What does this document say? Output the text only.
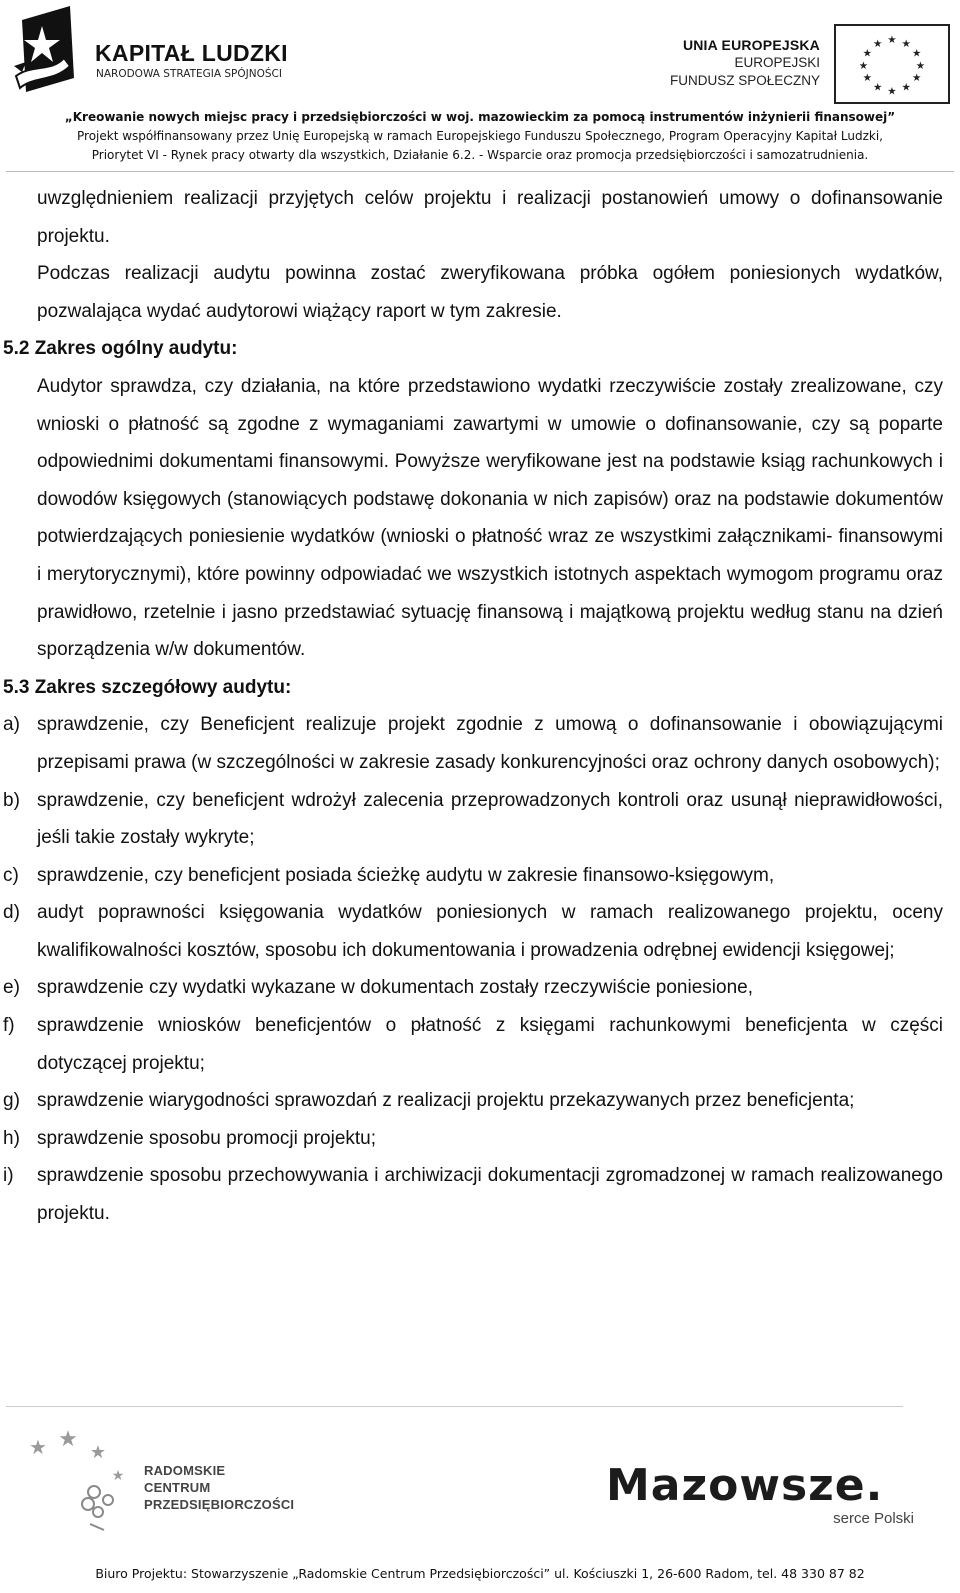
KAPITAŁ LUDZKI
NARODOWA STRATEGIA SPÓJNOŚCI
UNIA EUROPEJSKA
EUROPEJSKI
FUNDUSZ SPOŁECZNY
★ ★
★
★
★
★
★
★
★
★
★
★
„Kreowanie nowych miejsc pracy i przedsiębiorczości w woj. mazowieckim za pomocą instrumentów inżynierii finansowej”
Projekt współfinansowany przez Unię Europejską w ramach Europejskiego Funduszu Społecznego, Program Operacyjny Kapitał Ludzki,
Priorytet VI - Rynek pracy otwarty dla wszystkich, Działanie 6.2. - Wsparcie oraz promocja przedsiębiorczości i samozatrudnienia.
uwzględnieniem realizacji przyjętych celów projektu i realizacji postanowień umowy o dofinansowanie projektu.
Podczas realizacji audytu powinna zostać zweryfikowana próbka ogółem poniesionych wydatków, pozwalająca wydać audytorowi wiążący raport w tym zakresie.
5.2 Zakres ogólny audytu:
Audytor sprawdza, czy działania, na które przedstawiono wydatki rzeczywiście zostały zrealizowane, czy wnioski o płatność są zgodne z wymaganiami zawartymi w umowie o dofinansowanie, czy są poparte odpowiednimi dokumentami finansowymi. Powyższe weryfikowane jest na podstawie ksiąg rachunkowych i dowodów księgowych (stanowiących podstawę dokonania w nich zapisów) oraz na podstawie dokumentów potwierdzających poniesienie wydatków (wnioski o płatność wraz ze wszystkimi załącznikami- finansowymi i merytorycznymi), które powinny odpowiadać we wszystkich istotnych aspektach wymogom programu oraz prawidłowo, rzetelnie i jasno przedstawiać sytuację finansową i majątkową projektu według stanu na dzień sporządzenia w/w dokumentów.
5.3 Zakres szczegółowy audytu:
a) sprawdzenie, czy Beneficjent realizuje projekt zgodnie z umową o dofinansowanie i obowiązującymi przepisami prawa (w szczególności w zakresie zasady konkurencyjności oraz ochrony danych osobowych);
b) sprawdzenie, czy beneficjent wdrożył zalecenia przeprowadzonych kontroli oraz usunął nieprawidłowości, jeśli takie zostały wykryte;
c) sprawdzenie, czy beneficjent posiada ścieżkę audytu w zakresie finansowo-księgowym,
d) audyt poprawności księgowania wydatków poniesionych w ramach realizowanego projektu, oceny kwalifikowalności kosztów, sposobu ich dokumentowania i prowadzenia odrębnej ewidencji księgowej;
e) sprawdzenie czy wydatki wykazane w dokumentach zostały rzeczywiście poniesione,
f) sprawdzenie wniosków beneficjentów o płatność z księgami rachunkowymi beneficjenta w części dotyczącej projektu;
g) sprawdzenie wiarygodności sprawozdań z realizacji projektu przekazywanych przez beneficjenta;
h) sprawdzenie sposobu promocji projektu;
i) sprawdzenie sposobu przechowywania i archiwizacji dokumentacji zgromadzonej w ramach realizowanego projektu.
★ ★
★
★ RADOMSKIE
CENTRUM
PRZEDSIĘBIORCZOŚCI	Mazowsze.
serce Polski
Biuro Projektu: Stowarzyszenie „Radomskie Centrum Przedsiębiorczości” ul. Kościuszki 1, 26-600 Radom, tel. 48 330 87 82
